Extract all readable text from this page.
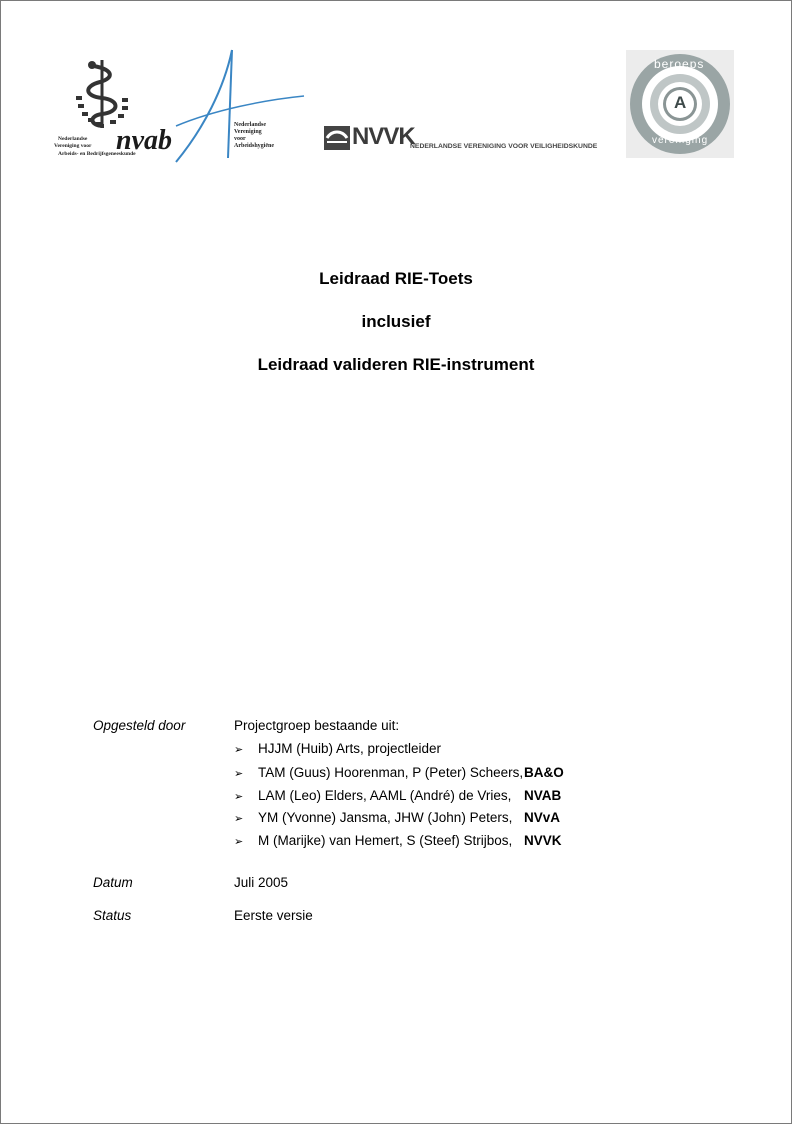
nvab
Nederlandse
Vereniging voor
Arbeids- en Bedrijfsgeneeskunde
Nederlandse
Vereniging
voor
Arbeidshygiëne	NVVK
NEDERLANDSE VERENIGING VOOR VEILIGHEIDSKUNDE
beroeps
vereniging
A
Leidraad RIE-Toets
inclusief
Leidraad valideren RIE-instrument
Opgesteld door	Projectgroep bestaande uit:
➢ HJJM (Huib) Arts, projectleider
➢ TAM (Guus) Hoorenman, P (Peter) Scheers, BA&O
➢ LAM (Leo) Elders, AAML (André) de Vries, NVAB
➢ YM (Yvonne) Jansma, JHW (John) Peters, NVvA
➢ M (Marijke) van Hemert, S (Steef) Strijbos, NVVK
Datum	Juli 2005
Status	Eerste versie
